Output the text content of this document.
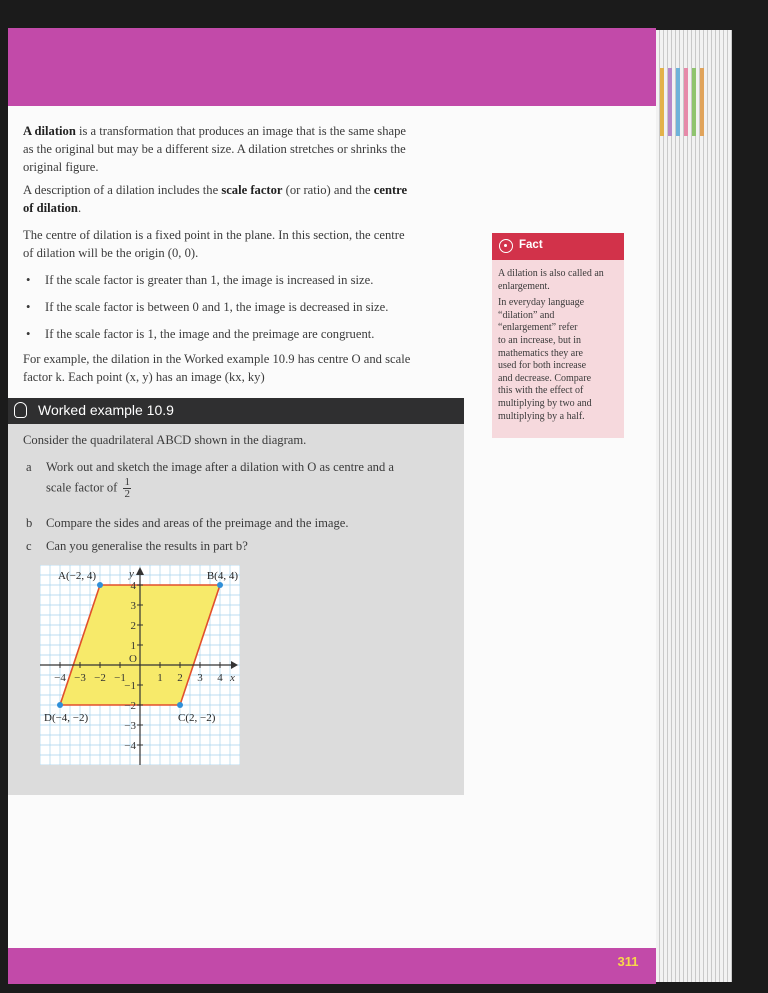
A dilation is a transformation that produces an image that is the same shape
as the original but may be a different size. A dilation stretches or shrinks the
original figure.

A description of a dilation includes the scale factor (or ratio) and the centre
of dilation.

The centre of dilation is a fixed point in the plane. In this section, the centre
of dilation will be the origin (0, 0).

• If the scale factor is greater than 1, the image is increased in size.
• If the scale factor is between 0 and 1, the image is decreased in size.
• If the scale factor is 1, the image and the preimage are congruent.

For example, the dilation in the Worked example 10.9 has centre O and scale
factor k. Each point (x, y) has an image (kx, ky)

Fact

A dilation is also called an
enlargement.

In everyday language
“dilation” and
“enlargement” refer
to an increase, but in
mathematics they are
used for both increase
and decrease. Compare
this with the effect of
multiplying by two and
multiplying by a half.

Worked example 10.9
Consider the quadrilateral ABCD shown in the diagram.
a Work out and sketch the image after a dilation with O as centre and a
scale factor of $\frac{1}{2}$
b Compare the sides and areas of the preimage and the image.
c Can you generalise the results in part b?
x
y
O
−4 −3 −2 −1	1 2 3 4
4
3
2
1
−1
−2
−3
−4
A(−2, 4)	B(4, 4)
C(2, −2)
D(−4, −2)
311
